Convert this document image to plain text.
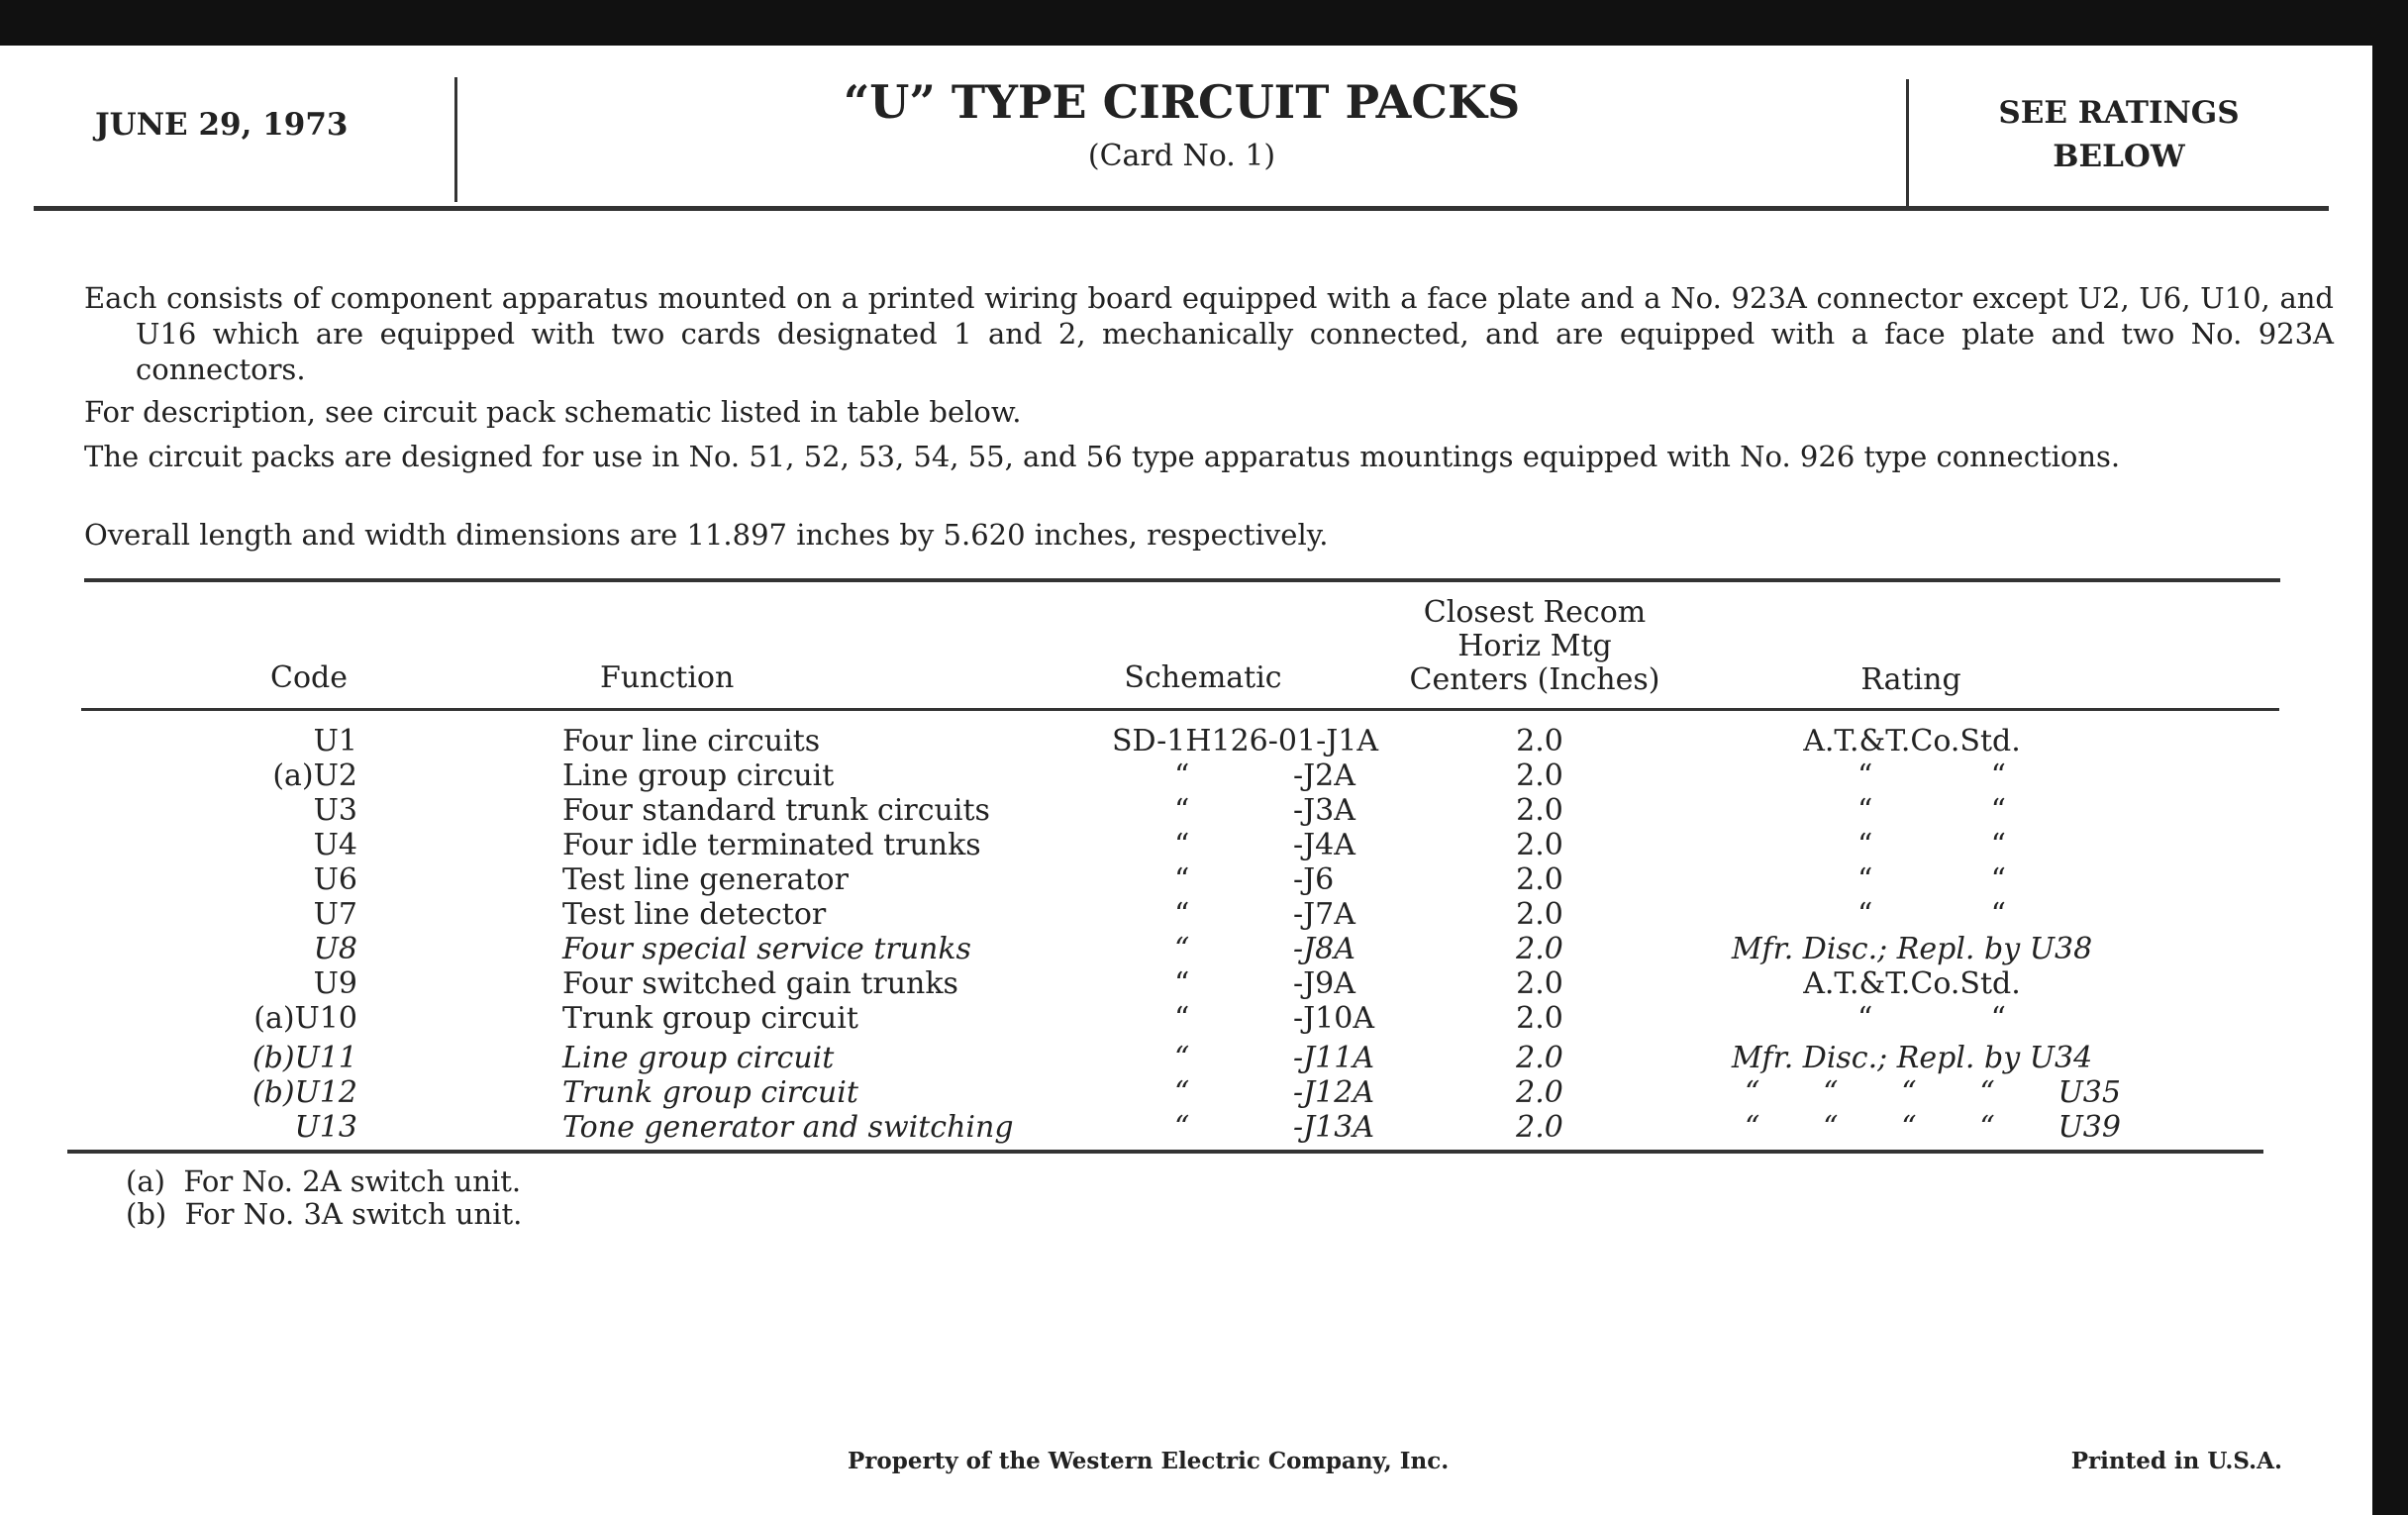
JUNE 29, 1973	“U” TYPE CIRCUIT PACKS
(Card No. 1)
SEE RATINGS
BELOW
Each consists of component apparatus mounted on a printed wiring board equipped with a face plate and a No. 923A connector except U2, U6, U10, and U16 which are equipped with two cards designated 1 and 2, mechanically connected, and are equipped with a face plate and two No. 923A connectors.
For description, see circuit pack schematic listed in table below.
The circuit packs are designed for use in No. 51, 52, 53, 54, 55, and 56 type apparatus mountings equipped with No. 926 type connections.
Overall length and width dimensions are 11.897 inches by 5.620 inches, respectively.
Code	Function	Schematic
Closest Recom
Horiz Mtg
Centers (Inches)	Rating
U1	Four line circuits	SD-1H126-01-J1A	2.0	A.T.&T.Co.Std.
(a)U2	Line group circuit	“	-J2A	2.0	“	“
U3	Four standard trunk circuits	“	-J3A	2.0	“	“
U4	Four idle terminated trunks	“	-J4A	2.0	“	“
U6	Test line generator	“	-J6	2.0	“	“
U7	Test line detector	“	-J7A	2.0	“	“
U8	Four special service trunks	“	-J8A	2.0	Mfr. Disc.; Repl. by U38
U9	Four switched gain trunks	“	-J9A	2.0	A.T.&T.Co.Std.
(a)U10	Trunk group circuit	“	-J10A	2.0	“	“
(b)U11	Line group circuit	“	-J11A	2.0	Mfr. Disc.; Repl. by U34
(b)U12	Trunk group circuit	“	-J12A	2.0	“ “ “ “ U35
U13	Tone generator and switching	“	-J13A	2.0	“ “ “ “ U39
(a)  For No. 2A switch unit.
(b)  For No. 3A switch unit.
Property of the Western Electric Company, Inc.	Printed in U.S.A.
